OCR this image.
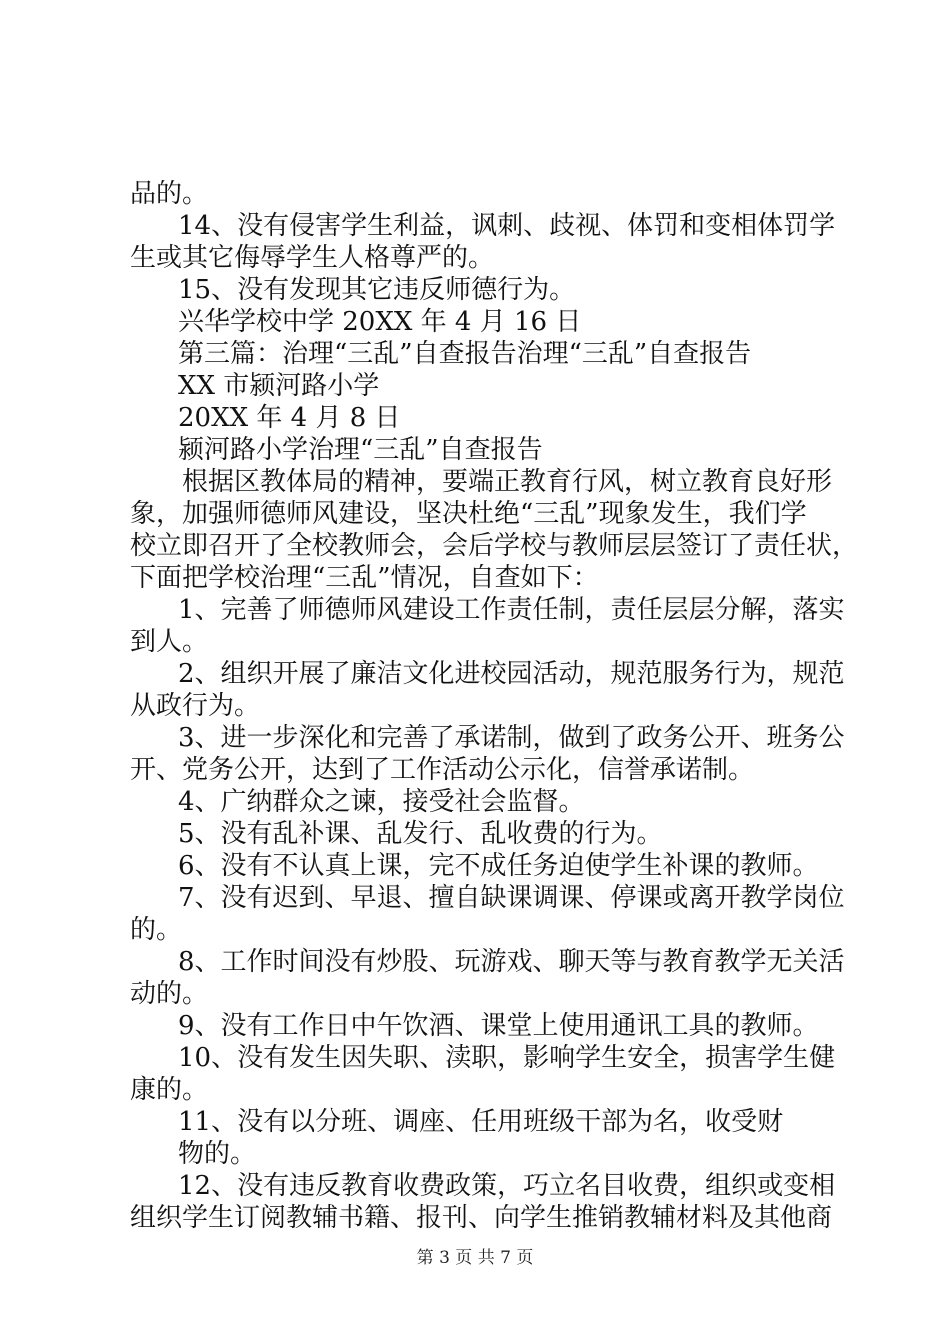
品的。
14、没有侵害学生利益，讽刺、歧视、体罚和变相体罚学
生或其它侮辱学生人格尊严的。
15、没有发现其它违反师德行为。
兴华学校中学 20XX 年 4 月 16 日
第三篇：治理“三乱”自查报告治理“三乱”自查报告
XX 市颍河路小学
20XX 年 4 月 8 日
颍河路小学治理“三乱”自查报告
根据区教体局的精神，要端正教育行风，树立教育良好形
象，加强师德师风建设，坚决杜绝“三乱”现象发生，我们学
校立即召开了全校教师会，会后学校与教师层层签订了责任状，
下面把学校治理“三乱”情况，自查如下：
1、完善了师德师风建设工作责任制，责任层层分解，落实
到人。
2、组织开展了廉洁文化进校园活动，规范服务行为，规范
从政行为。
3、进一步深化和完善了承诺制，做到了政务公开、班务公
开、党务公开，达到了工作活动公示化，信誉承诺制。
4、广纳群众之谏，接受社会监督。
5、没有乱补课、乱发行、乱收费的行为。
6、没有不认真上课，完不成任务迫使学生补课的教师。
7、没有迟到、早退、擅自缺课调课、停课或离开教学岗位
的。
8、工作时间没有炒股、玩游戏、聊天等与教育教学无关活
动的。
9、没有工作日中午饮酒、课堂上使用通讯工具的教师。
10、没有发生因失职、渎职，影响学生安全，损害学生健
康的。
11、没有以分班、调座、任用班级干部为名，收受财
物的。
12、没有违反教育收费政策，巧立名目收费，组织或变相
组织学生订阅教辅书籍、报刊、向学生推销教辅材料及其他商
第 3 页 共 7 页
